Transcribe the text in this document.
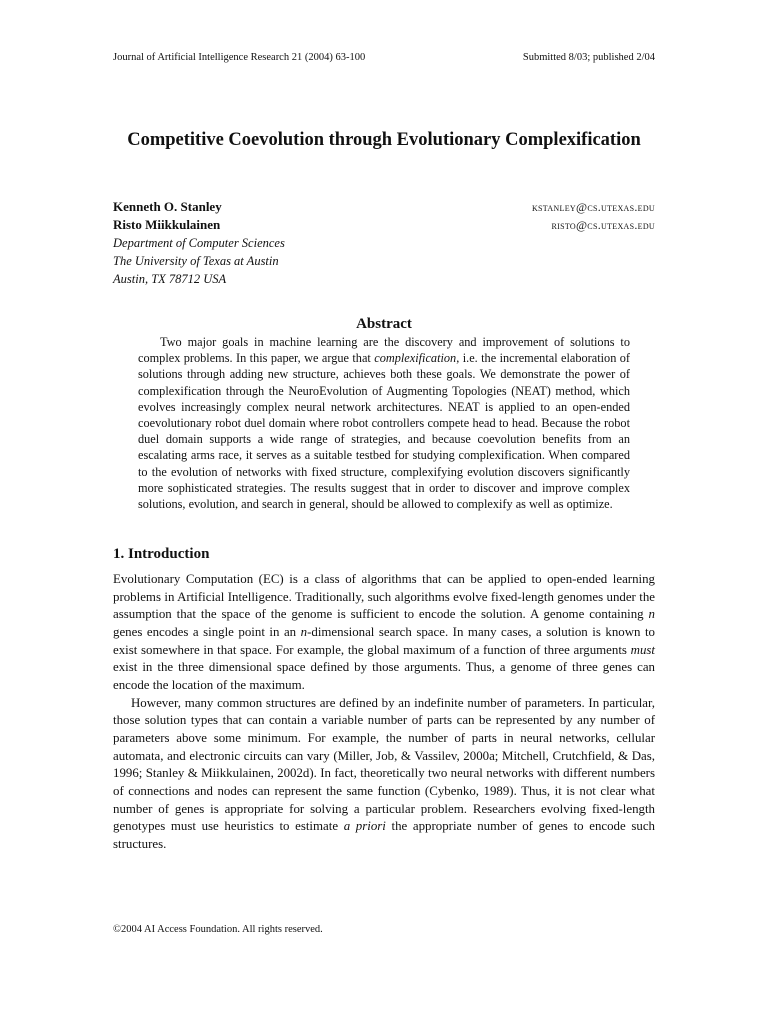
Journal of Artificial Intelligence Research 21 (2004) 63-100	Submitted 8/03; published 2/04
Competitive Coevolution through Evolutionary Complexification
Kenneth O. Stanley	kstanley@cs.utexas.edu
Risto Miikkulainen	risto@cs.utexas.edu
Department of Computer Sciences
The University of Texas at Austin
Austin, TX 78712 USA
Abstract

Two major goals in machine learning are the discovery and improvement of solutions to complex problems. In this paper, we argue that complexification, i.e. the incremental elaboration of solutions through adding new structure, achieves both these goals. We demonstrate the power of complexification through the NeuroEvolution of Augmenting Topologies (NEAT) method, which evolves increasingly complex neural network architectures. NEAT is applied to an open-ended coevolutionary robot duel domain where robot controllers compete head to head. Because the robot duel domain supports a wide range of strategies, and because coevolution benefits from an escalating arms race, it serves as a suitable testbed for studying complexification. When compared to the evolution of networks with fixed structure, complexifying evolution discovers significantly more sophisticated strategies. The results suggest that in order to discover and improve complex solutions, evolution, and search in general, should be allowed to complexify as well as optimize.

1. Introduction

Evolutionary Computation (EC) is a class of algorithms that can be applied to open-ended learning problems in Artificial Intelligence. Traditionally, such algorithms evolve fixed-length genomes under the assumption that the space of the genome is sufficient to encode the solution. A genome containing n genes encodes a single point in an n-dimensional search space. In many cases, a solution is known to exist somewhere in that space. For example, the global maximum of a function of three arguments must exist in the three dimensional space defined by those arguments. Thus, a genome of three genes can encode the location of the maximum.

However, many common structures are defined by an indefinite number of parameters. In particular, those solution types that can contain a variable number of parts can be represented by any number of parameters above some minimum. For example, the number of parts in neural networks, cellular automata, and electronic circuits can vary (Miller, Job, & Vassilev, 2000a; Mitchell, Crutchfield, & Das, 1996; Stanley & Miikkulainen, 2002d). In fact, theoretically two neural networks with different numbers of connections and nodes can represent the same function (Cybenko, 1989). Thus, it is not clear what number of genes is appropriate for solving a particular problem. Researchers evolving fixed-length genotypes must use heuristics to estimate a priori the appropriate number of genes to encode such structures.

©2004 AI Access Foundation. All rights reserved.
